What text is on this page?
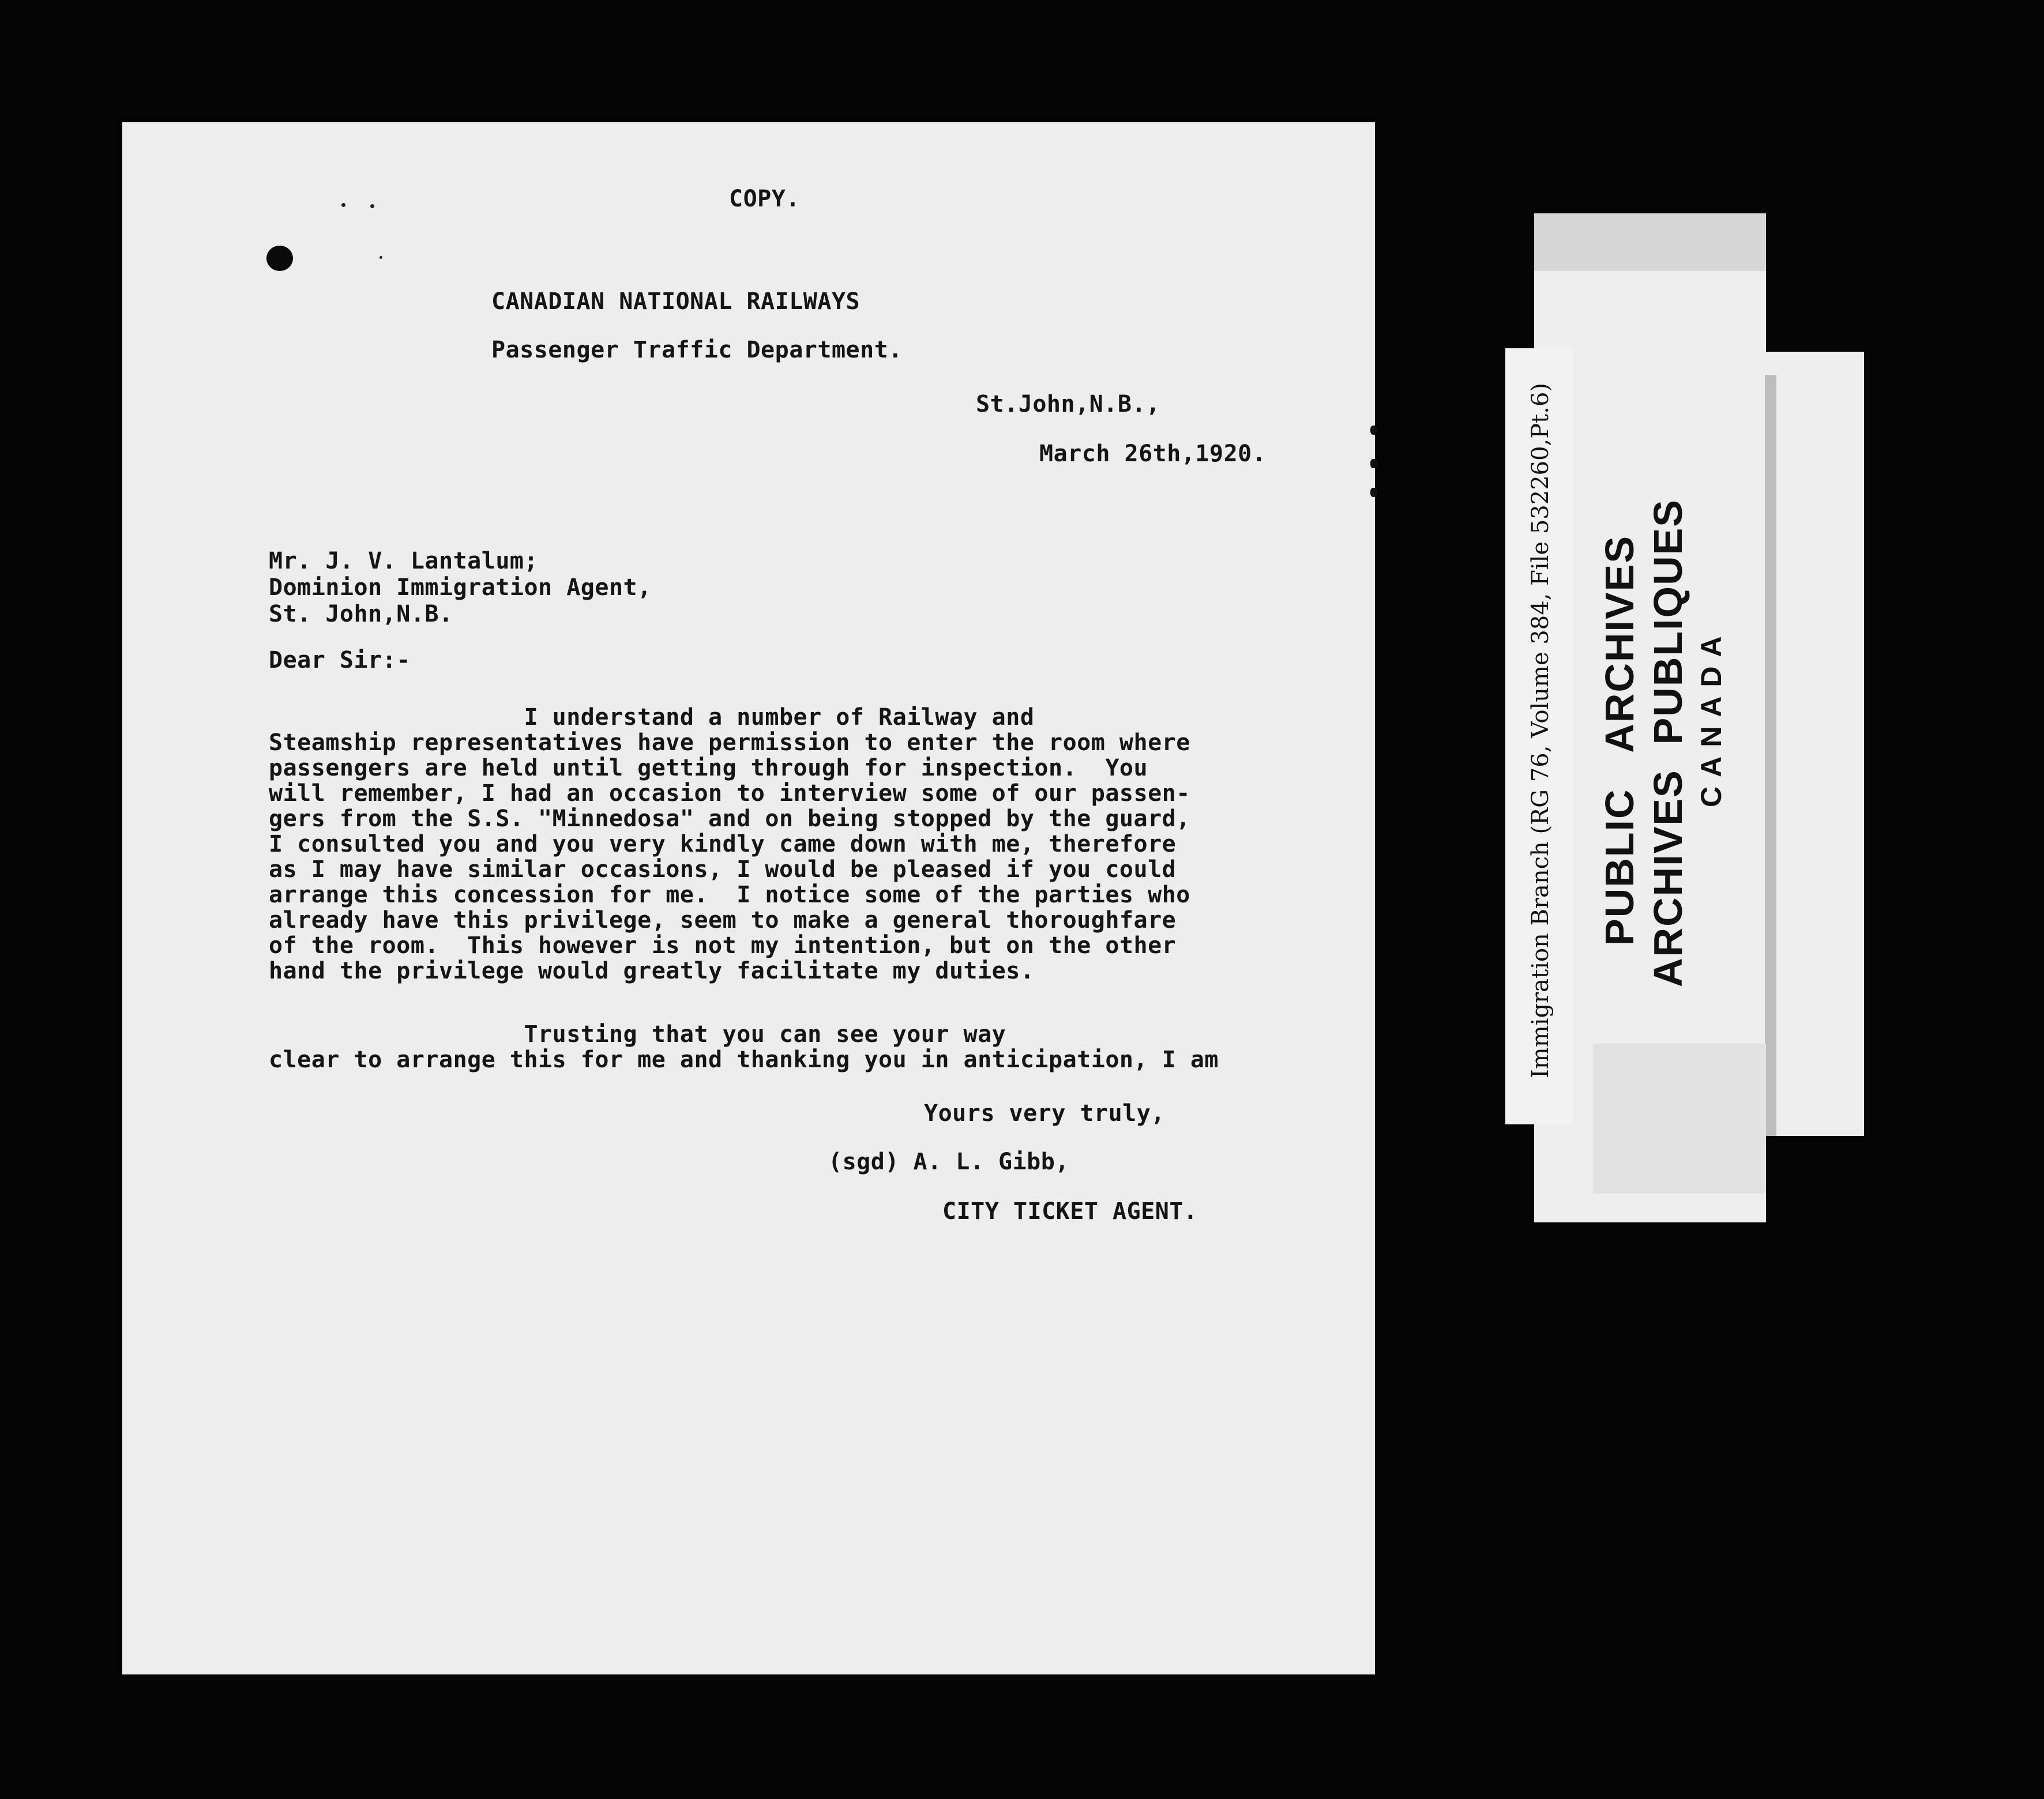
COPY.
CANADIAN NATIONAL RAILWAYS
Passenger Traffic Department.
St.John,N.B.,
March 26th,1920.
Mr. J. V. Lantalum;
Dominion Immigration Agent,
St. John,N.B.
Dear Sir:-
I understand a number of Railway and
Steamship representatives have permission to enter the room where
passengers are held until getting through for inspection.  You
will remember, I had an occasion to interview some of our passen-
gers from the S.S. "Minnedosa" and on being stopped by the guard,
I consulted you and you very kindly came down with me, therefore
as I may have similar occasions, I would be pleased if you could
arrange this concession for me.  I notice some of the parties who
already have this privilege, seem to make a general thoroughfare
of the room.  This however is not my intention, but on the other
hand the privilege would greatly facilitate my duties.
Trusting that you can see your way
clear to arrange this for me and thanking you in anticipation, I am
Yours very truly,
(sgd) A. L. Gibb,
CITY TICKET AGENT.
Immigration Branch (RG 76, Volume 384, File 532260,Pt.6) PUBLIC   ARCHIVES ARCHIVES  PUBLIQUES CANADA
